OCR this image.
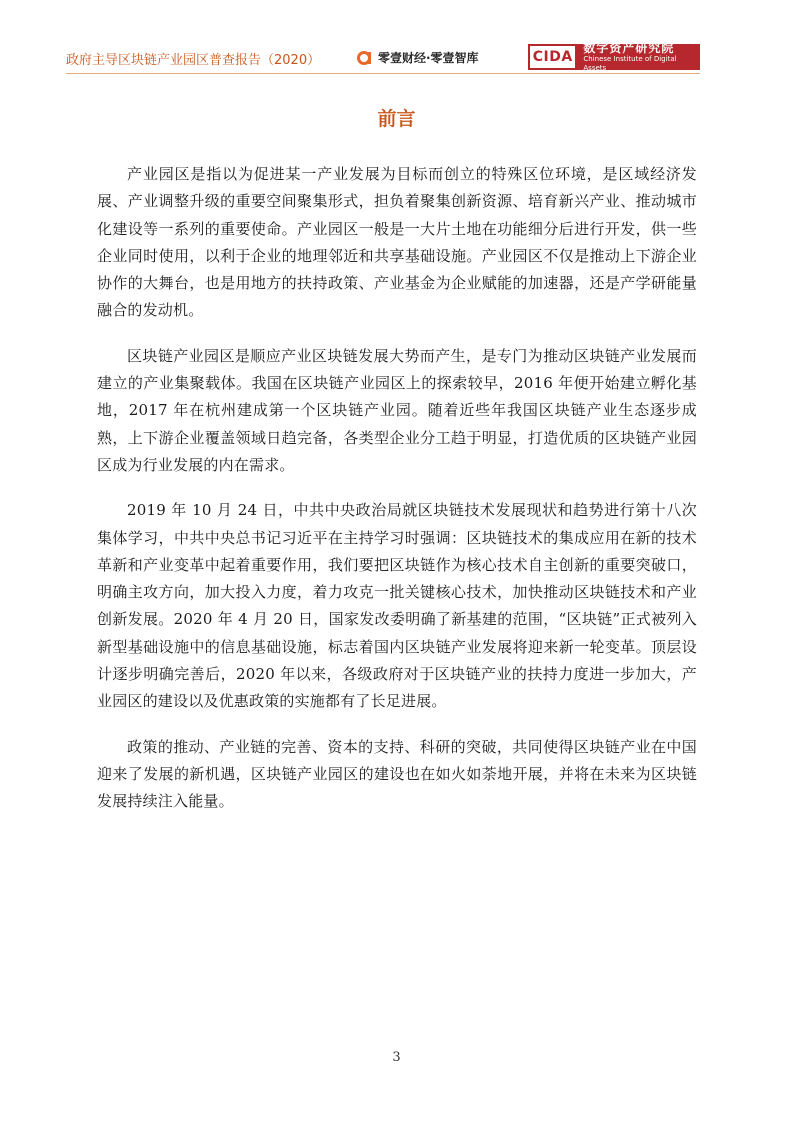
政府主导区块链产业园区普查报告（2020）	零壹财经·零壹智库	CIDA
数字资产研究院
Chinese Institute of Digital Assets
前言

产业园区是指以为促进某一产业发展为目标而创立的特殊区位环境，是区域经济发展、产业调整升级的重要空间聚集形式，担负着聚集创新资源、培育新兴产业、推动城市化建设等一系列的重要使命。产业园区一般是一大片土地在功能细分后进行开发，供一些企业同时使用，以利于企业的地理邻近和共享基础设施。产业园区不仅是推动上下游企业协作的大舞台，也是用地方的扶持政策、产业基金为企业赋能的加速器，还是产学研能量融合的发动机。

区块链产业园区是顺应产业区块链发展大势而产生，是专门为推动区块链产业发展而建立的产业集聚载体。我国在区块链产业园区上的探索较早，2016 年便开始建立孵化基地，2017 年在杭州建成第一个区块链产业园。随着近些年我国区块链产业生态逐步成熟，上下游企业覆盖领域日趋完备，各类型企业分工趋于明显，打造优质的区块链产业园区成为行业发展的内在需求。

2019 年 10 月 24 日，中共中央政治局就区块链技术发展现状和趋势进行第十八次集体学习，中共中央总书记习近平在主持学习时强调：区块链技术的集成应用在新的技术革新和产业变革中起着重要作用，我们要把区块链作为核心技术自主创新的重要突破口，明确主攻方向，加大投入力度，着力攻克一批关键核心技术，加快推动区块链技术和产业创新发展。2020 年 4 月 20 日，国家发改委明确了新基建的范围，“区块链”正式被列入新型基础设施中的信息基础设施，标志着国内区块链产业发展将迎来新一轮变革。顶层设计逐步明确完善后，2020 年以来，各级政府对于区块链产业的扶持力度进一步加大，产业园区的建设以及优惠政策的实施都有了长足进展。

政策的推动、产业链的完善、资本的支持、科研的突破，共同使得区块链产业在中国迎来了发展的新机遇，区块链产业园区的建设也在如火如荼地开展，并将在未来为区块链发展持续注入能量。

3
